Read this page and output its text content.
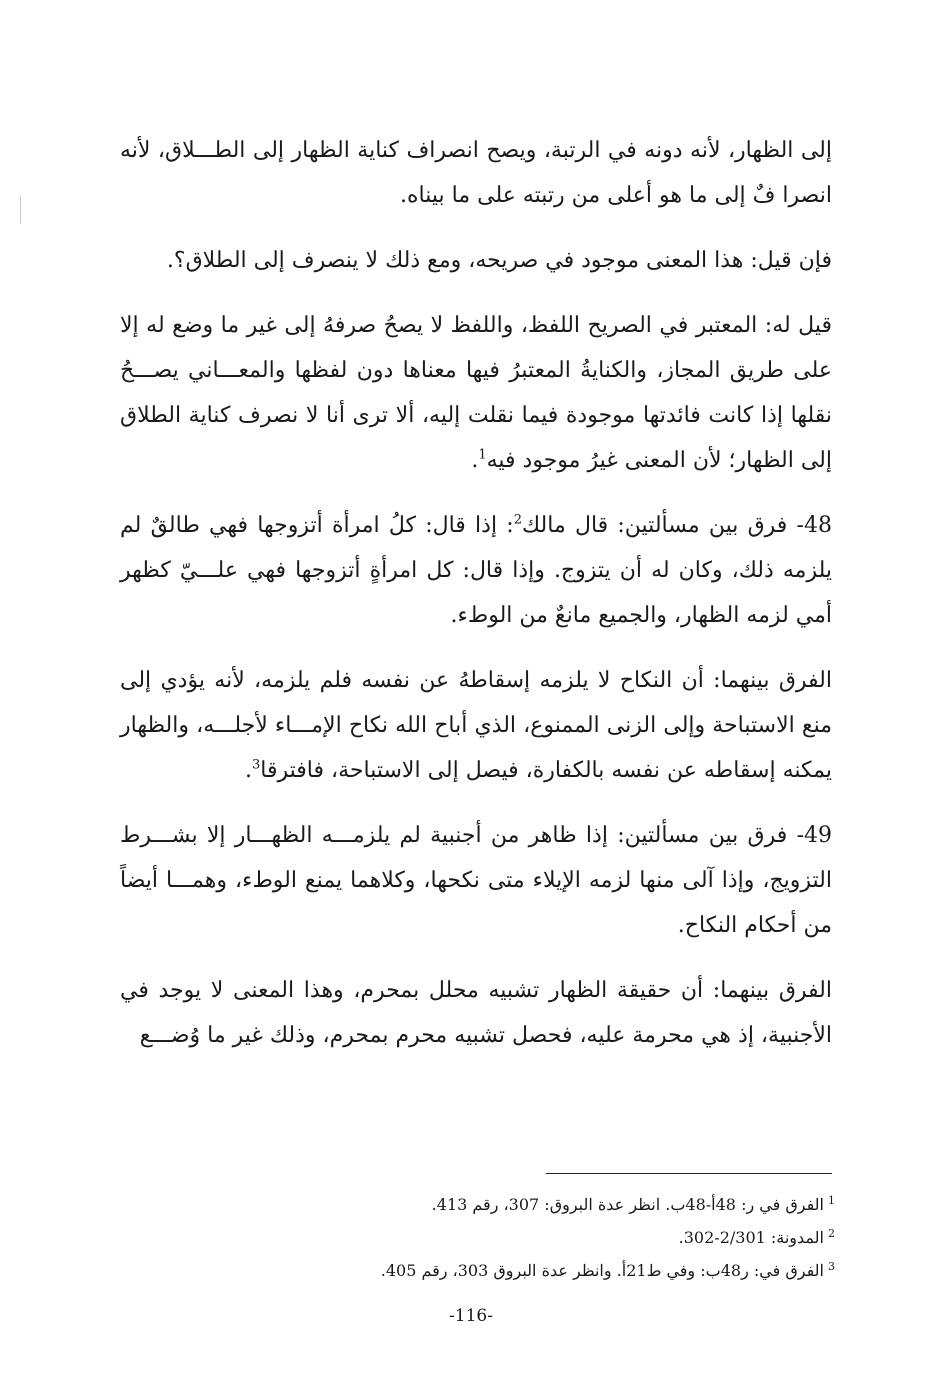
إلى الظهار، لأنه دونه في الرتبة، ويصح انصراف كناية الظهار إلى الطـــلاق، لأنه انصرا فٌ إلى ما هو أعلى من رتبته على ما بيناه.

فإن قيل: هذا المعنى موجود في صريحه، ومع ذلك لا ينصرف إلى الطلاق؟.

قيل له: المعتبر في الصريح اللفظ، واللفظ لا يصحُ صرفهُ إلى غير ما وضع له إلا على طريق المجاز، والكنايةُ المعتبرُ فيها معناها دون لفظها والمعـــاني يصـــحُ نقلها إذا كانت فائدتها موجودة فيما نقلت إليه، ألا ترى أنا لا نصرف كناية الطلاق إلى الظهار؛ لأن المعنى غيرُ موجود فيه$^1$.

48- فرق بين مسألتين: قال مالك$^2$: إذا قال: كلُ امرأة أتزوجها فهي طالقٌ لم يلزمه ذلك، وكان له أن يتزوج. وإذا قال: كل امرأةٍ أتزوجها فهي علـــيّ كظهر أمي لزمه الظهار، والجميع مانعٌ من الوطء.

الفرق بينهما: أن النكاح لا يلزمه إسقاطهُ عن نفسه فلم يلزمه، لأنه يؤدي إلى منع الاستباحة وإلى الزنى الممنوع، الذي أباح الله نكاح الإمـــاء لأجلـــه، والظهار يمكنه إسقاطه عن نفسه بالكفارة، فيصل إلى الاستباحة، فافترقا$^3$.

49- فرق بين مسألتين: إذا ظاهر من أجنبية لم يلزمـــه الظهـــار إلا بشـــرط التزويج، وإذا آلى منها لزمه الإيلاء متى نكحها، وكلاهما يمنع الوطء، وهمـــا أيضاً من أحكام النكاح.

الفرق بينهما: أن حقيقة الظهار تشبيه محلل بمحرم، وهذا المعنى لا يوجد في الأجنبية، إذ هي محرمة عليه، فحصل تشبيه محرم بمحرم، وذلك غير ما وُضـــع

$^1$الفرق في ر: 48أ-48ب. انظر عدة البروق: 307، رقم 413.
$^2$المدونة: 2/301-302.
$^3$الفرق في: ر48ب: وفي ط21أ. وانظر عدة البروق 303، رقم 405.
-116-
